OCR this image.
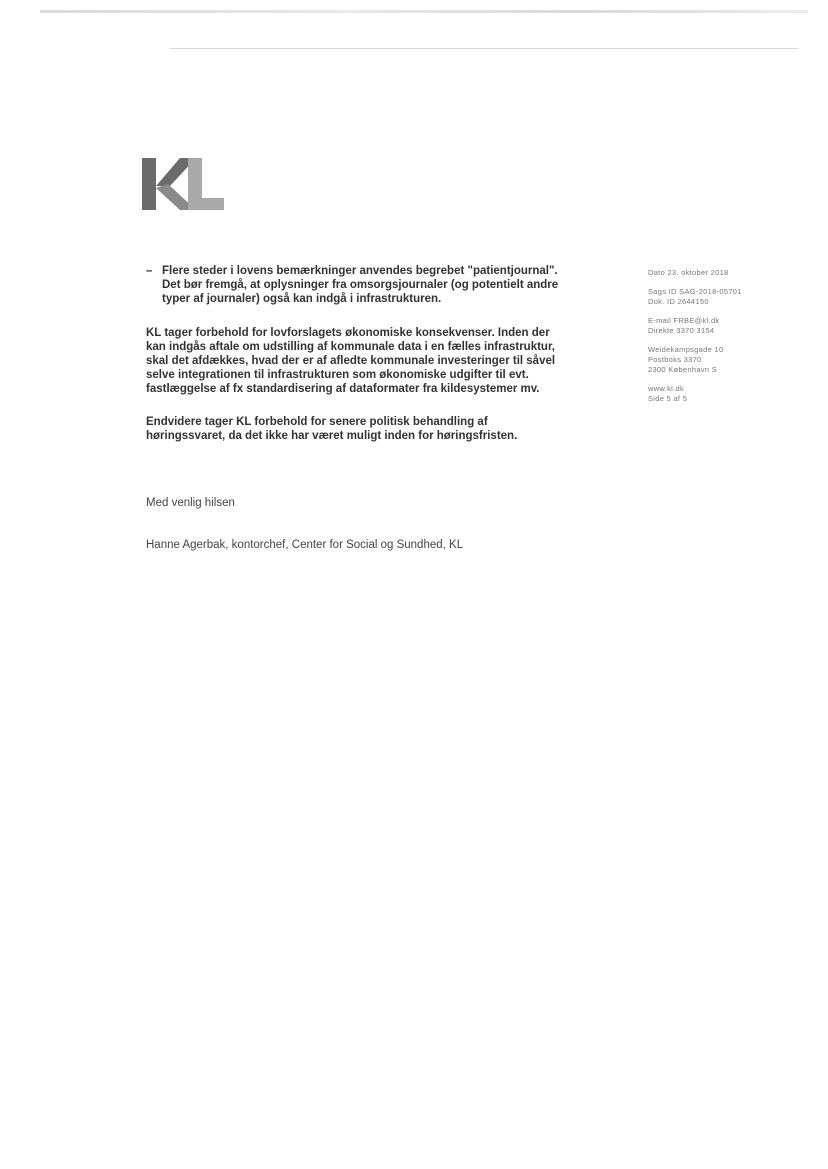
– Flere steder i lovens bemærkninger anvendes begrebet "patientjournal". Det bør fremgå, at oplysninger fra omsorgsjournaler (og potentielt andre typer af journaler) også kan indgå i infrastrukturen.

KL tager forbehold for lovforslagets økonomiske konsekvenser. Inden der kan indgås aftale om udstilling af kommunale data i en fælles infrastruktur, skal det afdækkes, hvad der er af afledte kommunale investeringer til såvel selve integrationen til infrastrukturen som økonomiske udgifter til evt. fastlæggelse af fx standardisering af dataformater fra kildesystemer mv.

Endvidere tager KL forbehold for senere politisk behandling af høringssvaret, da det ikke har været muligt inden for høringsfristen.

Med venlig hilsen
Hanne Agerbak, kontorchef, Center for Social og Sundhed, KL
Dato 23. oktober 2018
Sags ID SAG-2018-05701
Dok. ID 2644150
E-mail FRBE@kl.dk
Direkte 3370 3154
Weidekampsgade 10
Postboks 3370
2300 København S
www.kl.dk
Side 5 af 5
